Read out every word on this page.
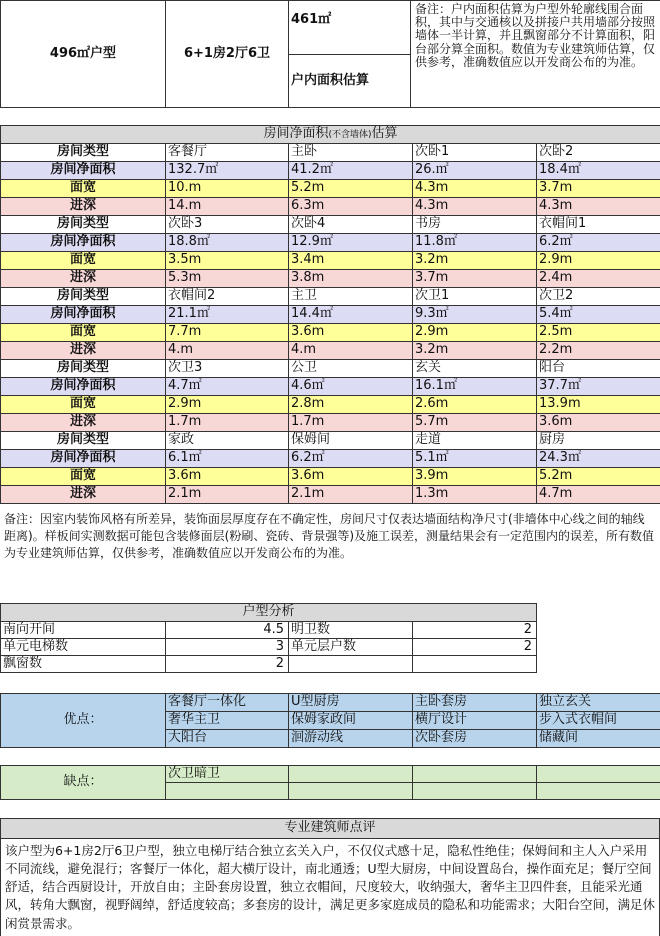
496㎡户型	6+1房2厅6卫	461㎡	备注：户内面积估算为户型外轮廓线围合面积，其中与交通核以及拼接户共用墙部分按照墙体一半计算，并且飘窗部分不计算面积，阳台部分算全面积。数值为专业建筑师估算，仅供参考，准确数值应以开发商公布的为准。
户内面积估算
房间净面积(不含墙体)估算				
房间类型	客餐厅	主卧	次卧1	次卧2
房间净面积	132.7㎡	41.2㎡	26.㎡	18.4㎡
面宽	10.m	5.2m	4.3m	3.7m
进深	14.m	6.3m	4.3m	4.3m
房间类型	次卧3	次卧4	书房	衣帽间1
房间净面积	18.8㎡	12.9㎡	11.8㎡	6.2㎡
面宽	3.5m	3.4m	3.2m	2.9m
进深	5.3m	3.8m	3.7m	2.4m
房间类型	衣帽间2	主卫	次卫1	次卫2
房间净面积	21.1㎡	14.4㎡	9.3㎡	5.4㎡
面宽	7.7m	3.6m	2.9m	2.5m
进深	4.m	4.m	3.2m	2.2m
房间类型	次卫3	公卫	玄关	阳台
房间净面积	4.7㎡	4.6㎡	16.1㎡	37.7㎡
面宽	2.9m	2.8m	2.6m	13.9m
进深	1.7m	1.7m	5.7m	3.6m
房间类型	家政	保姆间	走道	厨房
房间净面积	6.1㎡	6.2㎡	5.1㎡	24.3㎡
面宽	3.6m	3.6m	3.9m	5.2m
进深	2.1m	2.1m	1.3m	4.7m
备注：因室内装饰风格有所差异，装饰面层厚度存在不确定性，房间尺寸仅表达墙面结构净尺寸(非墙体中心线之间的轴线距离)。样板间实测数据可能包含装修面层(粉刷、瓷砖、背景强等)及施工误差，测量结果会有一定范围内的误差，所有数值为专业建筑师估算，仅供参考，准确数值应以开发商公布的为准。
户型分析			
南向开间	4.5	明卫数	2
单元电梯数	3	单元层户数	2
飘窗数	2		
优点：	客餐厅一体化	U型厨房	主卧套房	独立玄关
	奢华主卫	保姆家政间	横厅设计	步入式衣帽间
	大阳台	洄游动线	次卧套房	储藏间
缺点：	次卫暗卫			

专业建筑师点评
该户型为6+1房2厅6卫户型，独立电梯厅结合独立玄关入户，不仅仪式感十足，隐私性绝佳；保姆间和主人入户采用不同流线，避免混行；客餐厅一体化，超大横厅设计，南北通透；U型大厨房，中间设置岛台，操作面充足；餐厅空间舒适，结合西厨设计，开放自由；主卧套房设置，独立衣帽间，尺度较大，收纳强大，奢华主卫四件套，且能采光通风，转角大飘窗，视野阔绰，舒适度较高；多套房的设计，满足更多家庭成员的隐私和功能需求；大阳台空间，满足休闲赏景需求。
